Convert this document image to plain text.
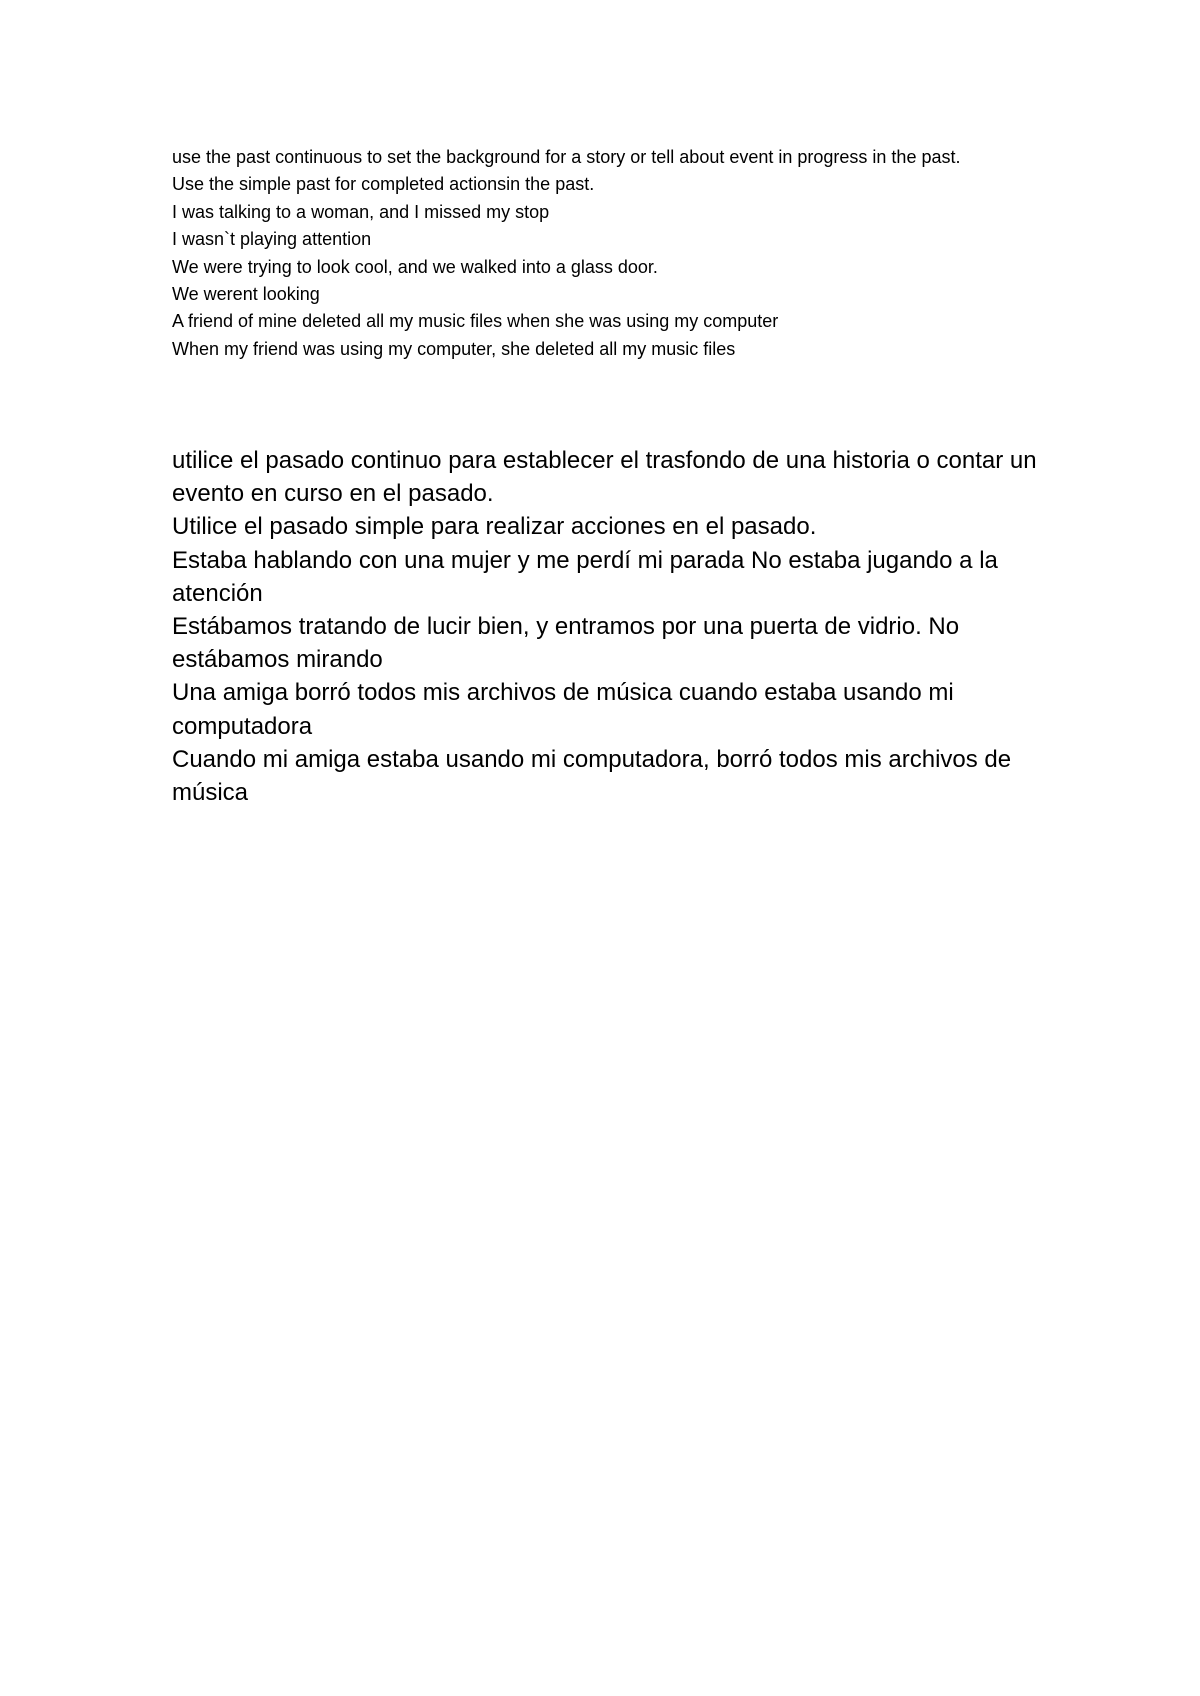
use the past continuous to set the background for a story or tell about event in progress in the past.

Use the simple past for completed actionsin the past.

I was talking to a woman, and I missed my stop

I wasn`t playing attention

We were trying to look cool, and we walked into a glass door.

We werent looking

A friend of mine deleted all my music files when she was using my computer

When my friend was using my computer, she deleted all my music files

utilice el pasado continuo para establecer el trasfondo de una historia o contar un evento en curso en el pasado.

Utilice el pasado simple para realizar acciones en el pasado.

Estaba hablando con una mujer y me perdí mi parada No estaba jugando a la atención

Estábamos tratando de lucir bien, y entramos por una puerta de vidrio. No estábamos mirando

Una amiga borró todos mis archivos de música cuando estaba usando mi computadora

Cuando mi amiga estaba usando mi computadora, borró todos mis archivos de música
